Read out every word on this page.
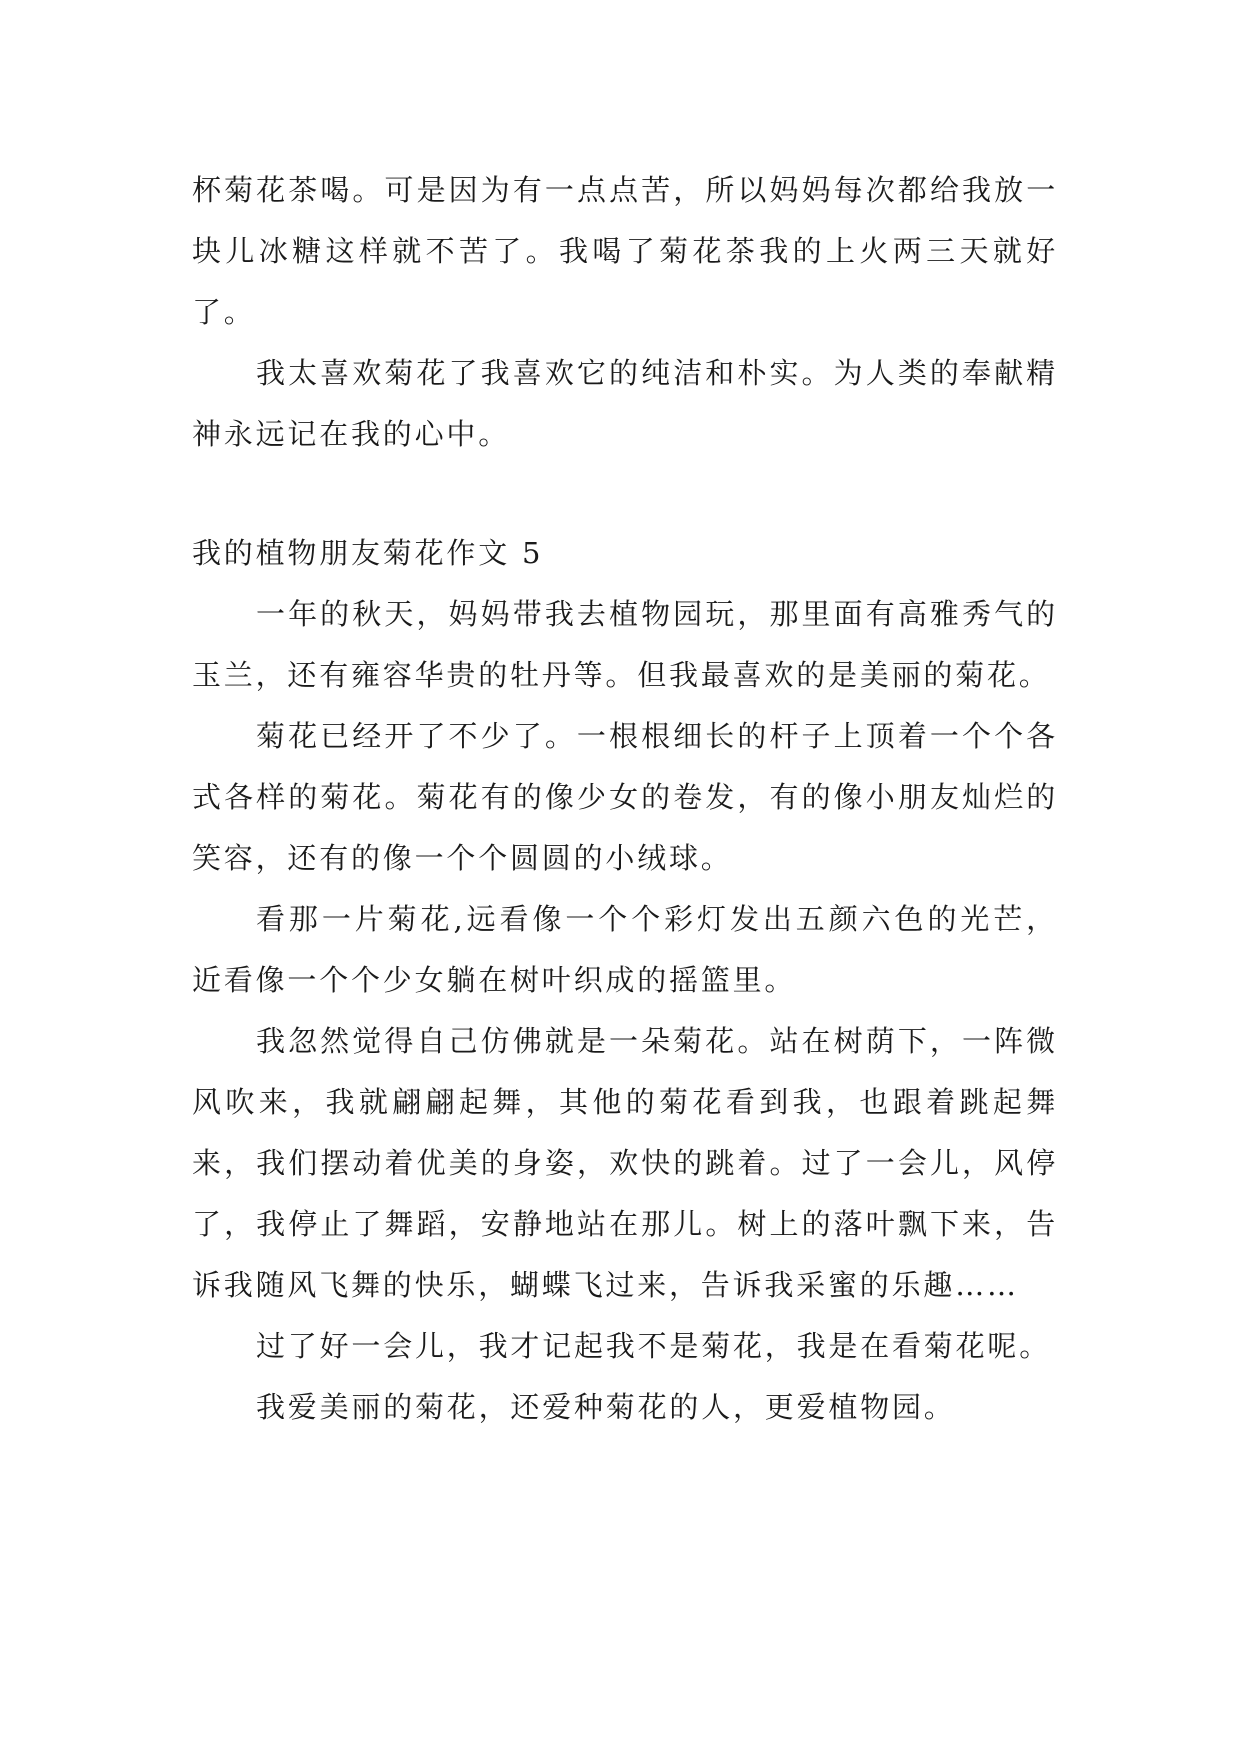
杯菊花茶喝。可是因为有一点点苦，所以妈妈每次都给我放一块儿冰糖这样就不苦了。我喝了菊花茶我的上火两三天就好了。

我太喜欢菊花了我喜欢它的纯洁和朴实。为人类的奉献精神永远记在我的心中。

我的植物朋友菊花作文 5

一年的秋天，妈妈带我去植物园玩，那里面有高雅秀气的玉兰，还有雍容华贵的牡丹等。但我最喜欢的是美丽的菊花。

菊花已经开了不少了。一根根细长的杆子上顶着一个个各式各样的菊花。菊花有的像少女的卷发，有的像小朋友灿烂的笑容，还有的像一个个圆圆的小绒球。

看那一片菊花,远看像一个个彩灯发出五颜六色的光芒，近看像一个个少女躺在树叶织成的摇篮里。

我忽然觉得自己仿佛就是一朵菊花。站在树荫下，一阵微风吹来，我就翩翩起舞，其他的菊花看到我，也跟着跳起舞来，我们摆动着优美的身姿，欢快的跳着。过了一会儿，风停了，我停止了舞蹈，安静地站在那儿。树上的落叶飘下来，告诉我随风飞舞的快乐，蝴蝶飞过来，告诉我采蜜的乐趣……

过了好一会儿，我才记起我不是菊花，我是在看菊花呢。

我爱美丽的菊花，还爱种菊花的人，更爱植物园。
